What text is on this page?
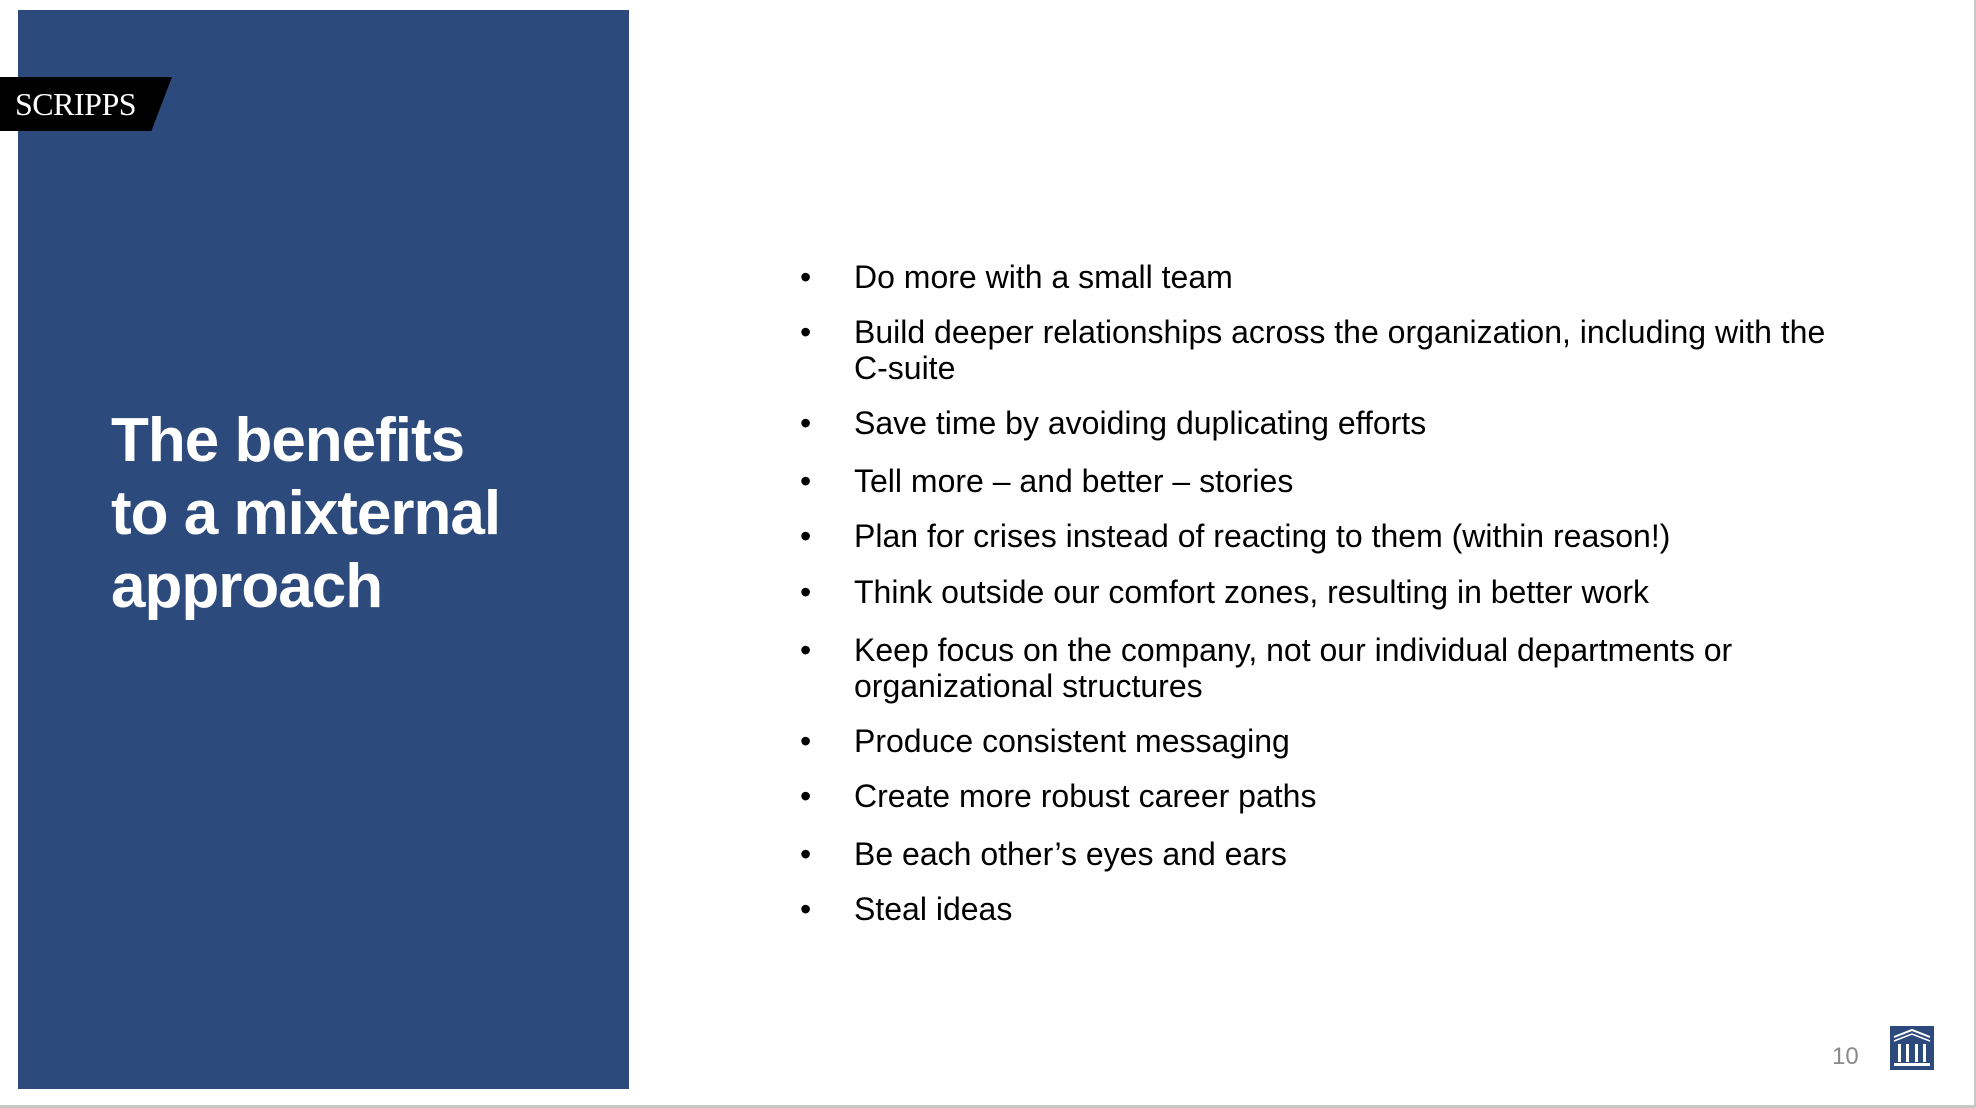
SCRIPPS
The benefits
to a mixternal
approach
• Do more with a small team
• Build deeper relationships across the organization, including with the C-suite
• Save time by avoiding duplicating efforts
• Tell more – and better – stories
• Plan for crises instead of reacting to them (within reason!)
• Think outside our comfort zones, resulting in better work
• Keep focus on the company, not our individual departments or organizational structures
• Produce consistent messaging
• Create more robust career paths
• Be each other’s eyes and ears
• Steal ideas
10
